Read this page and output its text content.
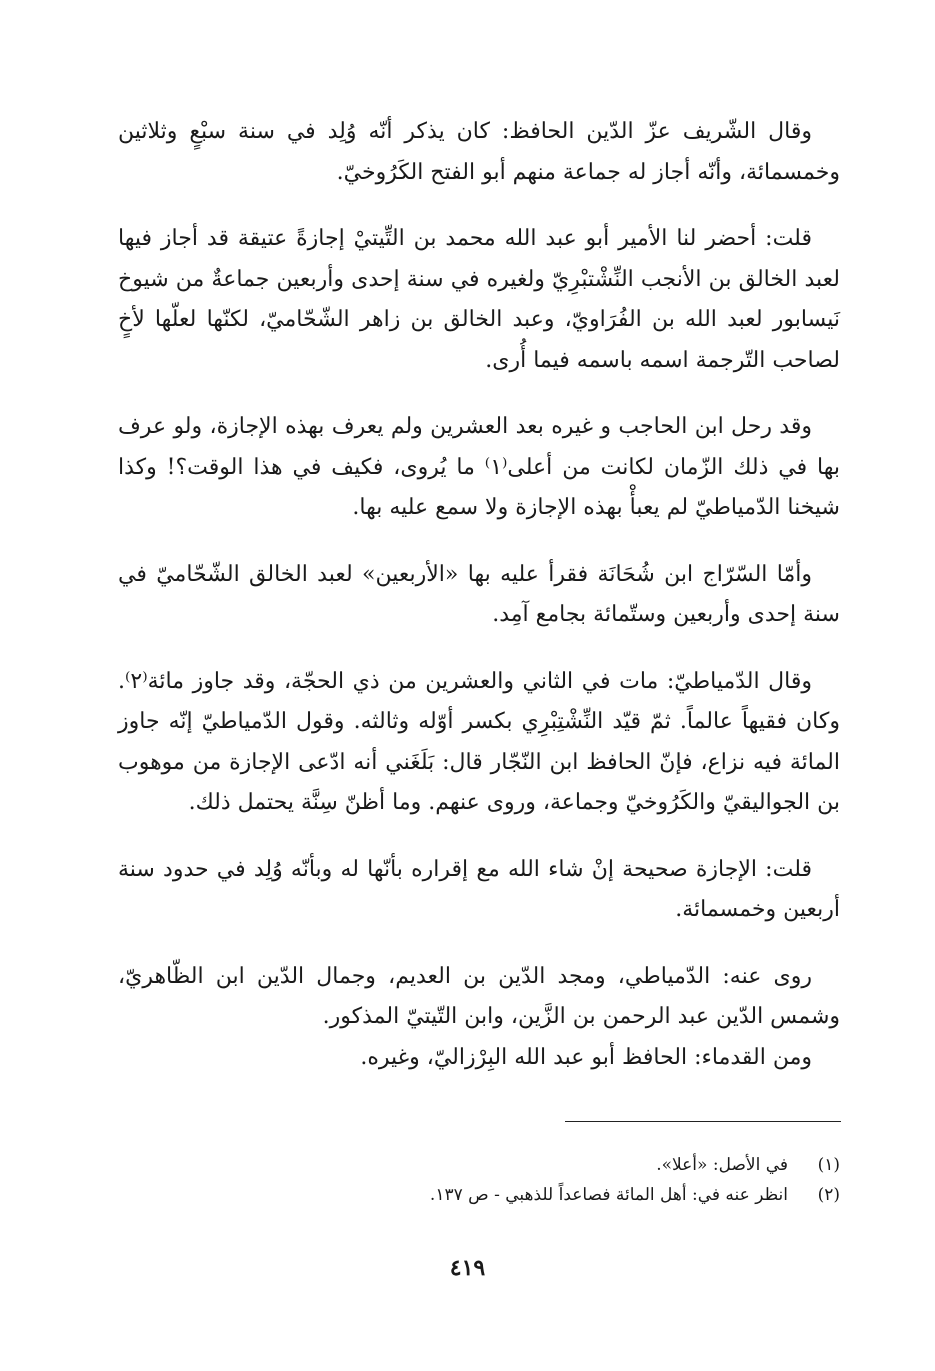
وقال الشّريف عزّ الدّين الحافظ: كان يذكر أنّه وُلِد في سنة سبْعٍ وثلاثين وخمسمائة، وأنّه أجاز له جماعة منهم أبو الفتح الكَرُوخيّ.

قلت: أحضر لنا الأمير أبو عبد الله محمد بن التِّيتيْ إجازةً عتيقة قد أجاز فيها لعبد الخالق بن الأنجب النِّشْتبْرِيّ ولغيره في سنة إحدى وأربعين جماعةٌ من شيوخ نَيسابور لعبد الله بن الفُرَاويّ، وعبد الخالق بن زاهر الشّحّاميّ، لكنّها لعلّها لأخٍ لصاحب التّرجمة اسمه باسمه فيما أُرى.

وقد رحل ابن الحاجب و غيره بعد العشرين ولم يعرف بهذه الإجازة، ولو عرف بها في ذلك الزّمان لكانت من أعلى⁽١⁾ ما يُروى، فكيف في هذا الوقت؟! وكذا شيخنا الدّمياطيّ لم يعبأْ بهذه الإجازة ولا سمع عليه بها.

وأمّا السّرّاج ابن شُحَانَة فقرأ عليه بها «الأربعين» لعبد الخالق الشّحّاميّ في سنة إحدى وأربعين وستّمائة بجامع آمِد.

وقال الدّمياطيّ: مات في الثاني والعشرين من ذي الحجّة، وقد جاوز مائة⁽٢⁾. وكان فقيهاً عالماً. ثمّ قيّد النِّشْتِبْرِي بكسر أوّله وثالثه. وقول الدّمياطيّ إنّه جاوز المائة فيه نزاع، فإنّ الحافظ ابن النّجّار قال: بَلَغَني أنه ادّعى الإجازة من موهوب بن الجواليقيّ والكَرُوخيّ وجماعة، وروى عنهم. وما أظنّ سِنَّة يحتمل ذلك.

قلت: الإجازة صحيحة إنْ شاء الله مع إقراره بأنّها له وبأنّه وُلِد في حدود سنة أربعين وخمسمائة.

روى عنه: الدّمياطي، ومجد الدّين بن العديم، وجمال الدّين ابن الظّاهريّ، وشمس الدّين عبد الرحمن بن الزَّين، وابن التّيتيّ المذكور.

ومن القدماء: الحافظ أبو عبد الله البِرْزاليّ، وغيره.

(١)
في الأصل: «أعلا».
(٢)
انظر عنه في: أهل المائة فصاعداً للذهبي - ص ١٣٧.
٤١٩
